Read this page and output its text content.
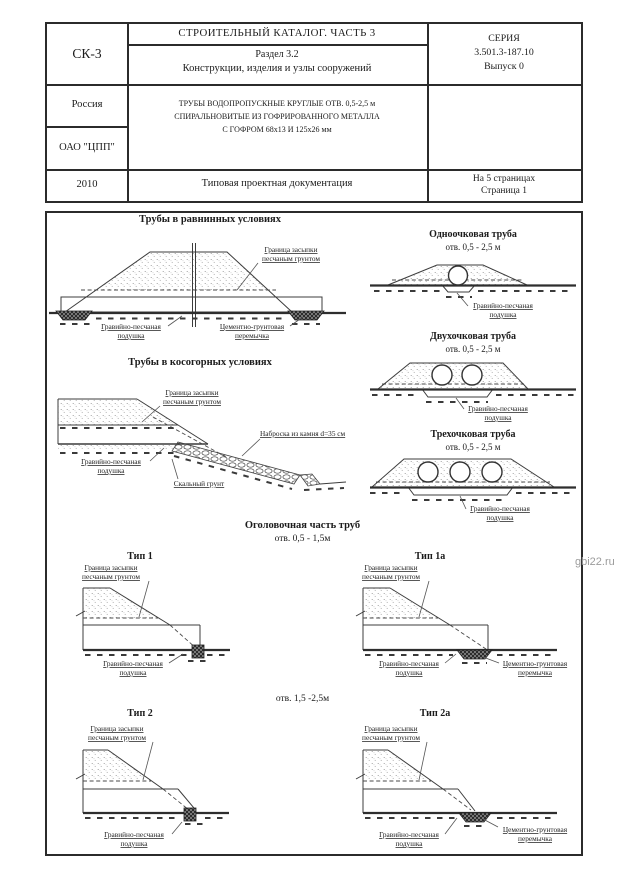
СК-3
СТРОИТЕЛЬНЫЙ КАТАЛОГ. ЧАСТЬ 3
Раздел 3.2
Конструкции, изделия и узлы сооружений
СЕРИЯ
3.501.3-187.10
Выпуск 0
Россия
ОАО "ЦПП"
ТРУБЫ ВОДОПРОПУСКНЫЕ КРУГЛЫЕ ОТВ. 0,5-2,5 м
СПИРАЛЬНОВИТЫЕ ИЗ ГОФРИРОВАННОГО МЕТАЛЛА
С ГОФРОМ 68х13 И 125х26 мм
2010	Типовая проектная документация	На 5 страницах
Страница 1
Трубы в равнинных условиях
Граница засыпки
песчаным грунтом
Гравийно-песчаная
подушка
Цементно-грунтовая
перемычка
Одноочковая труба
отв. 0,5 - 2,5 м
Гравийно-песчаная
подушка
Двухочковая труба
отв. 0,5 - 2,5 м
Гравийно-песчаная
подушка
Трехочковая труба
отв. 0,5 - 2,5 м
Гравийно-песчаная
подушка
Трубы в косогорных условиях
Граница засыпки
песчаным грунтом
Наброска из камня d=35 см
Гравийно-песчаная
подушка
Скальный грунт
Оголовочная часть труб
отв. 0,5 - 1,5м
Тип 1
Граница засыпки
песчаным грунтом
Гравийно-песчаная
подушка
Тип 1а
Граница засыпки
песчаным грунтом
Гравийно-песчаная
подушка
Цементно-грунтовая
перемычка
отв. 1,5 -2,5м
Тип 2
Граница засыпки
песчаным грунтом
Гравийно-песчаная
подушка
Тип 2а
Граница засыпки
песчаным грунтом
Гравийно-песчаная
подушка
Цементно-грунтовая
перемычка
gbi22.ru
